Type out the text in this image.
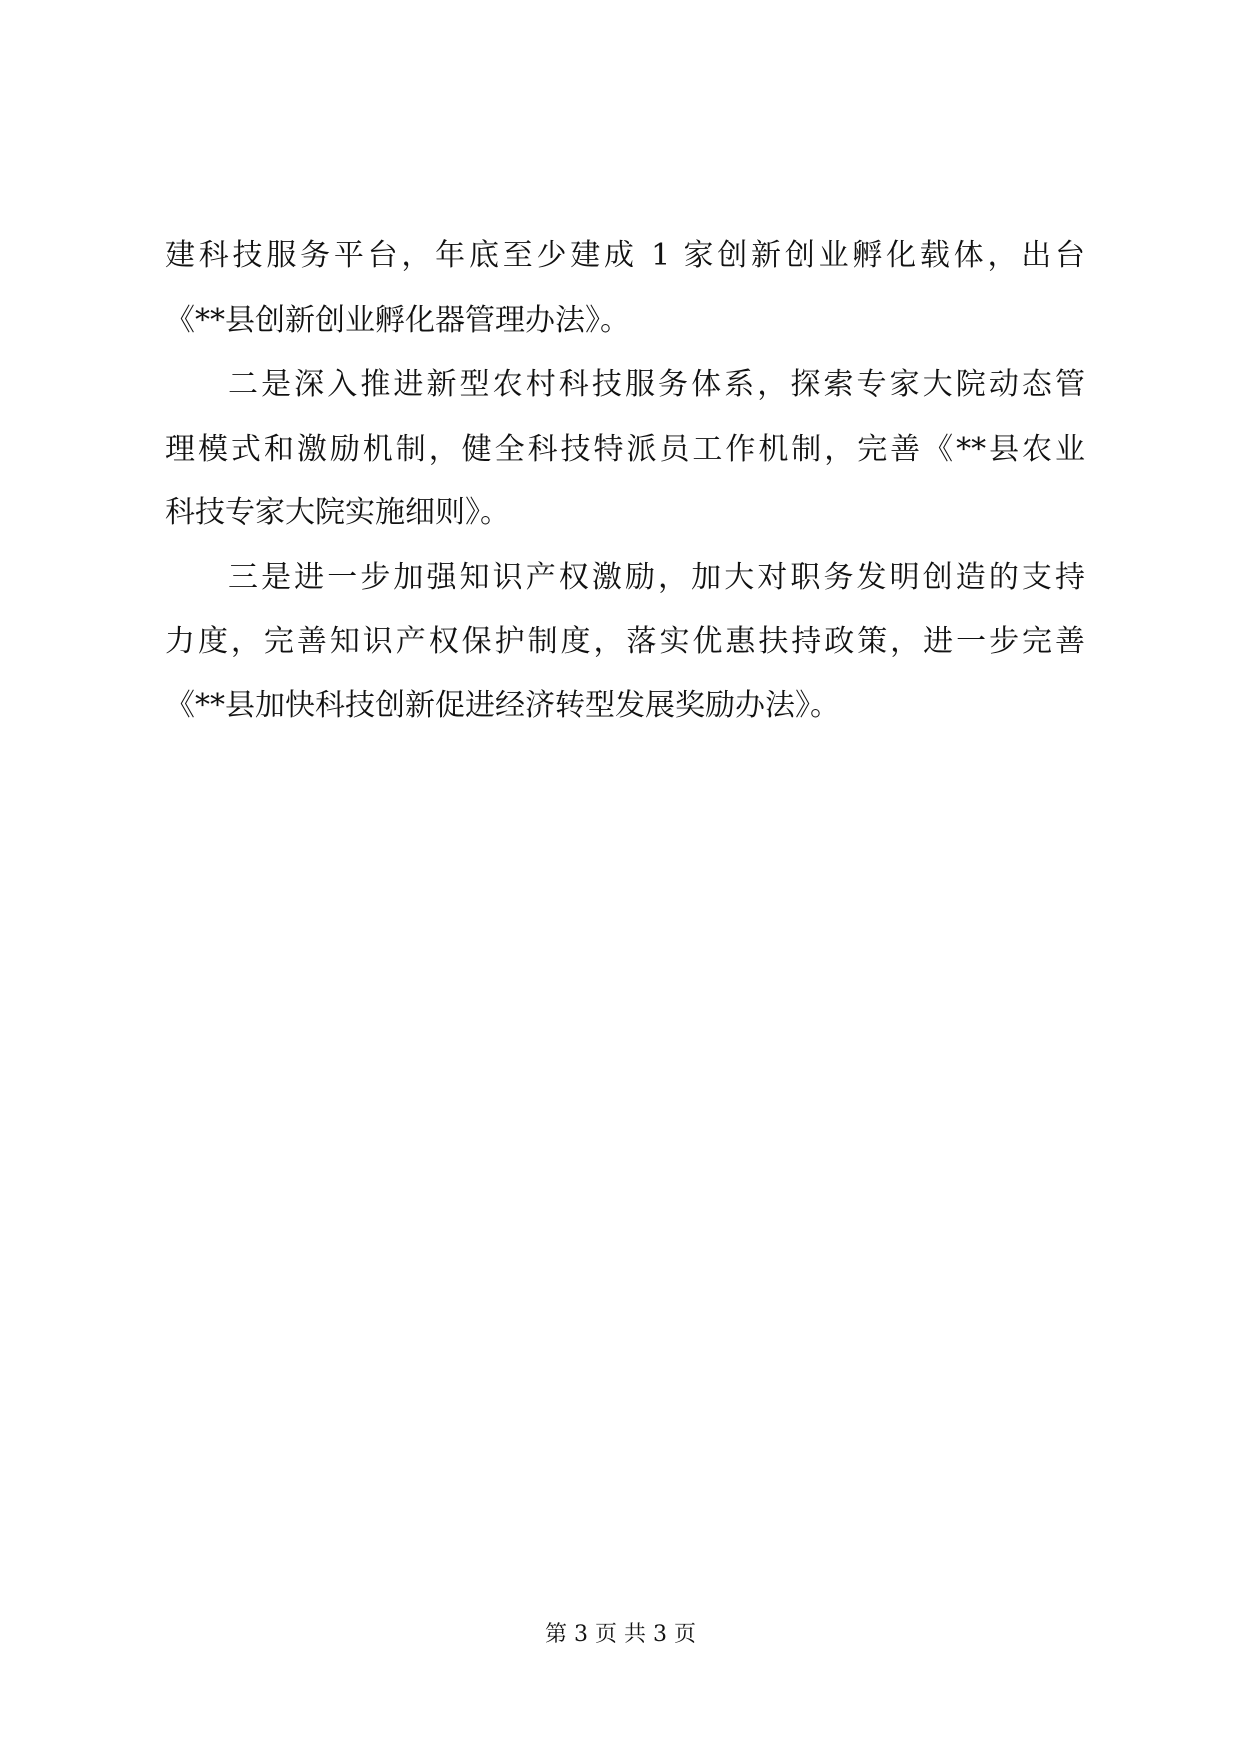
建科技服务平台，年底至少建成 1 家创新创业孵化载体，出台
《**县创新创业孵化器管理办法》。
二是深入推进新型农村科技服务体系，探索专家大院动态管
理模式和激励机制，健全科技特派员工作机制，完善《**县农业
科技专家大院实施细则》。
三是进一步加强知识产权激励，加大对职务发明创造的支持
力度，完善知识产权保护制度，落实优惠扶持政策，进一步完善
《**县加快科技创新促进经济转型发展奖励办法》。
第 3 页 共 3 页
